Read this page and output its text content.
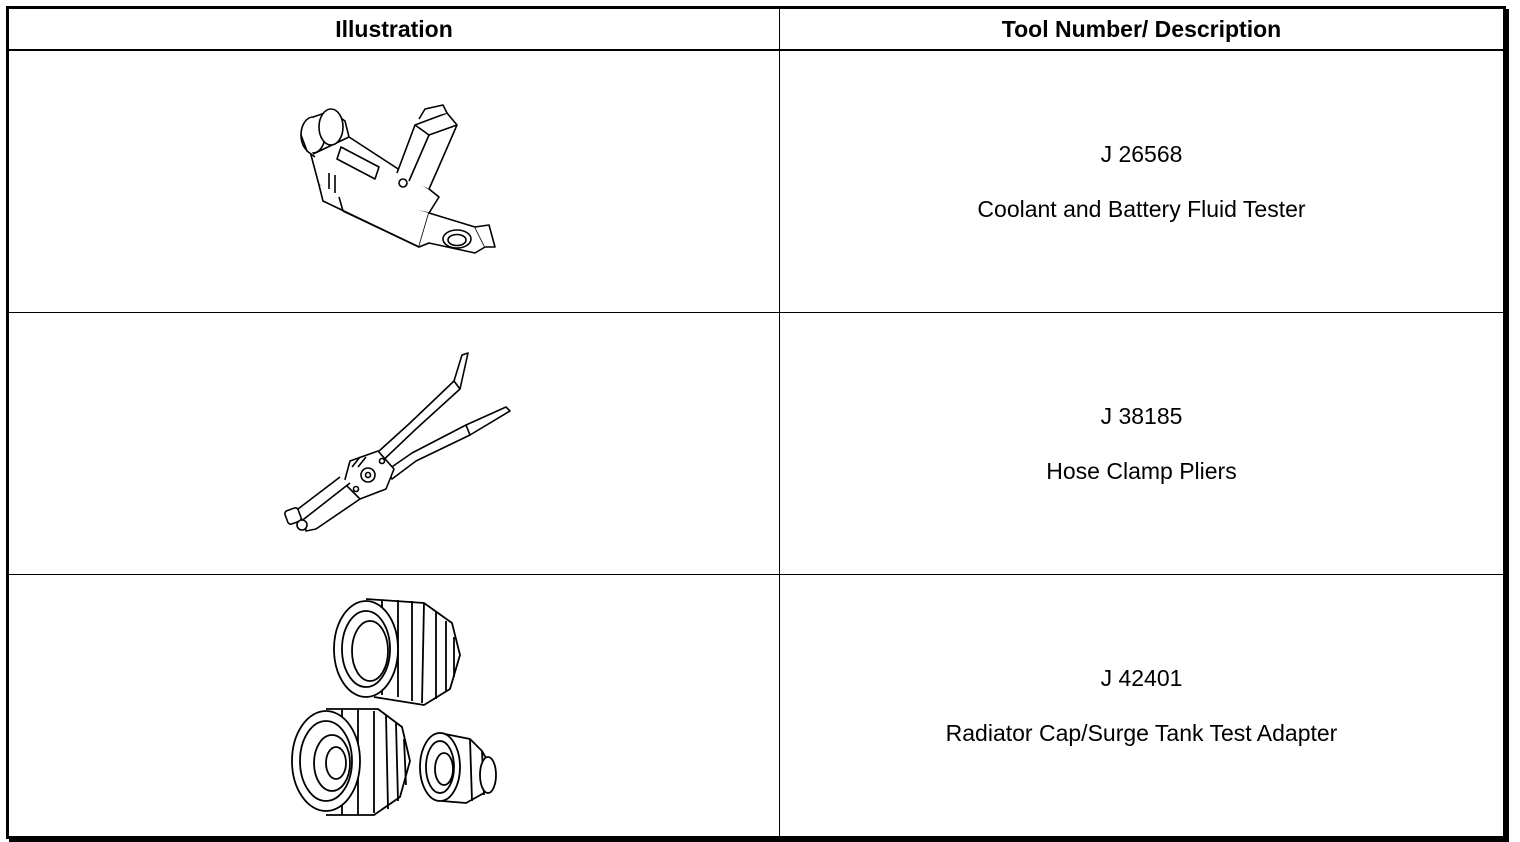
Illustration	Tool Number/ Description

J 26568
Coolant and Battery Fluid Tester

J 38185
Hose Clamp Pliers

J 42401
Radiator Cap/Surge Tank Test Adapter
